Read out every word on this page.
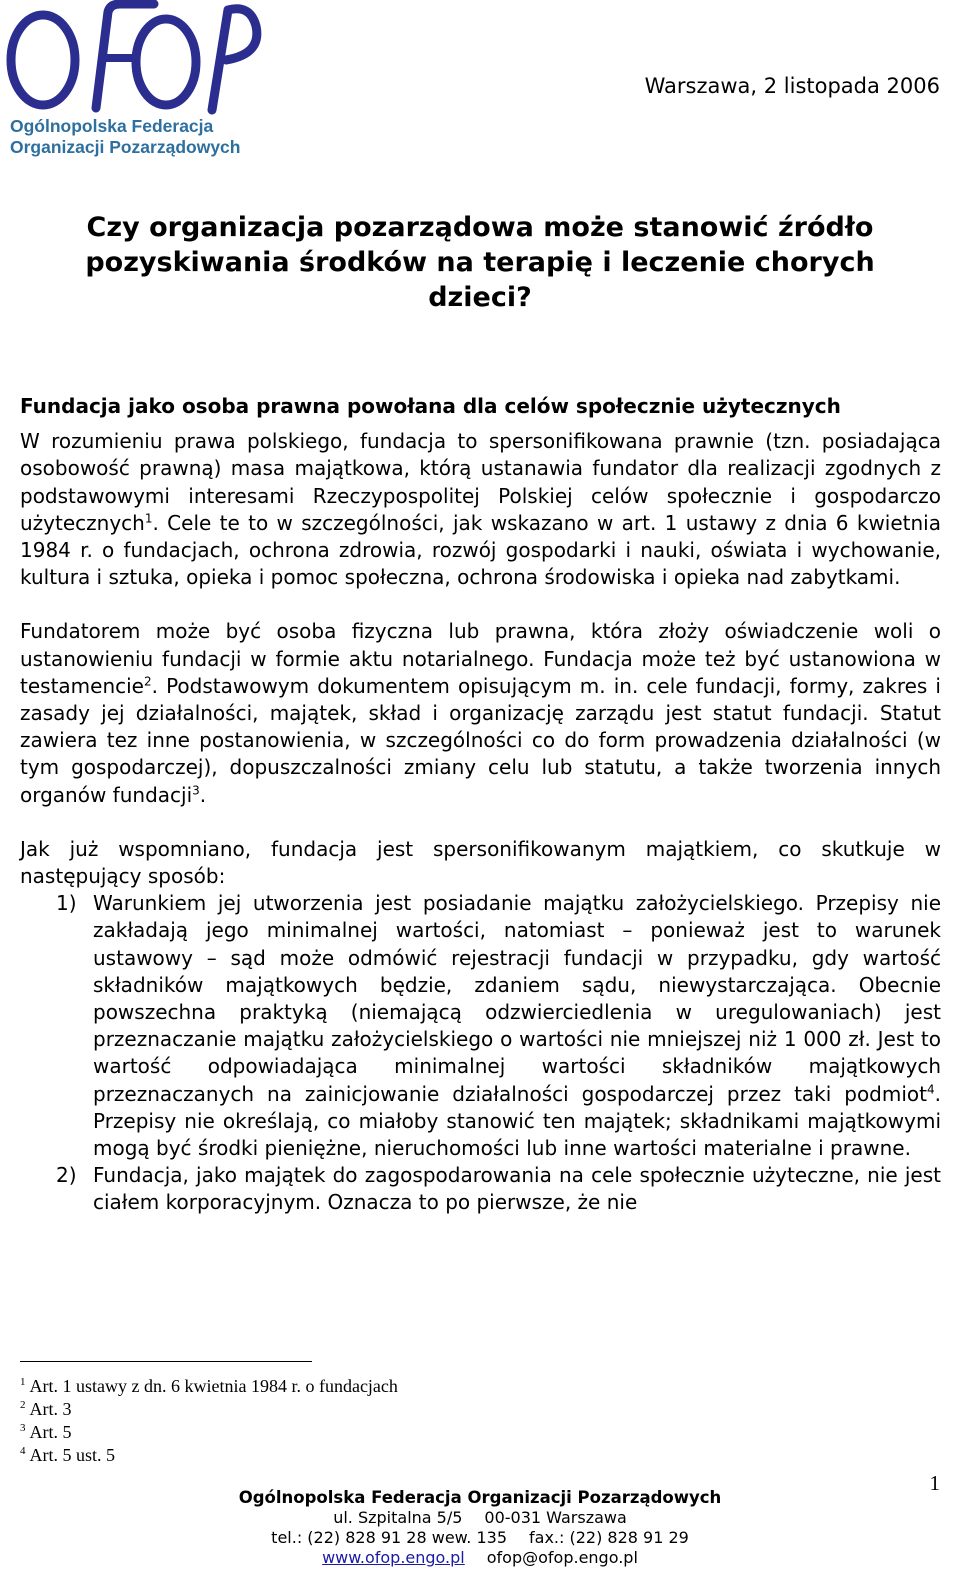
Ogólnopolska Federacja
Organizacji Pozarządowych
Warszawa, 2 listopada 2006
Czy organizacja pozarządowa może stanowić źródło pozyskiwania środków na terapię i leczenie chorych dzieci?

Fundacja jako osoba prawna powołana dla celów społecznie użytecznych

W rozumieniu prawa polskiego, fundacja to spersonifikowana prawnie (tzn. posiadająca osobowość prawną) masa majątkowa, którą ustanawia fundator dla realizacji zgodnych z podstawowymi interesami Rzeczypospolitej Polskiej celów społecznie i gospodarczo użytecznych$^1$. Cele te to w szczególności, jak wskazano w art. 1 ustawy z dnia 6 kwietnia 1984 r. o fundacjach, ochrona zdrowia, rozwój gospodarki i nauki, oświata i wychowanie, kultura i sztuka, opieka i pomoc społeczna, ochrona środowiska i opieka nad zabytkami.

Fundatorem może być osoba fizyczna lub prawna, która złoży oświadczenie woli o ustanowieniu fundacji w formie aktu notarialnego. Fundacja może też być ustanowiona w testamencie$^2$. Podstawowym dokumentem opisującym m. in. cele fundacji, formy, zakres i zasady jej działalności, majątek, skład i organizację zarządu jest statut fundacji. Statut zawiera tez inne postanowienia, w szczególności co do form prowadzenia działalności (w tym gospodarczej), dopuszczalności zmiany celu lub statutu, a także tworzenia innych organów fundacji$^3$.

Jak już wspomniano, fundacja jest spersonifikowanym majątkiem, co skutkuje w następujący sposób:

1) Warunkiem jej utworzenia jest posiadanie majątku założycielskiego. Przepisy nie zakładają jego minimalnej wartości, natomiast – ponieważ jest to warunek ustawowy – sąd może odmówić rejestracji fundacji w przypadku, gdy wartość składników majątkowych będzie, zdaniem sądu, niewystarczająca. Obecnie powszechna praktyką (niemającą odzwierciedlenia w uregulowaniach) jest przeznaczanie majątku założycielskiego o wartości nie mniejszej niż 1 000 zł. Jest to wartość odpowiadająca minimalnej wartości składników majątkowych przeznaczanych na zainicjowanie działalności gospodarczej przez taki podmiot$^4$. Przepisy nie określają, co miałoby stanowić ten majątek; składnikami majątkowymi mogą być środki pieniężne, nieruchomości lub inne wartości materialne i prawne.
2) Fundacja, jako majątek do zagospodarowania na cele społecznie użyteczne, nie jest ciałem korporacyjnym. Oznacza to po pierwsze, że nie
$^1$ Art. 1 ustawy z dn. 6 kwietnia 1984 r. o fundacjach
$^2$ Art. 3
$^3$ Art. 5
$^4$ Art. 5 ust. 5
1
Ogólnopolska Federacja Organizacji Pozarządowych
ul. Szpitalna 5/5 00-031 Warszawa
tel.: (22) 828 91 28 wew. 135 fax.: (22) 828 91 29
www.ofop.engo.pl ofop@ofop.engo.pl
